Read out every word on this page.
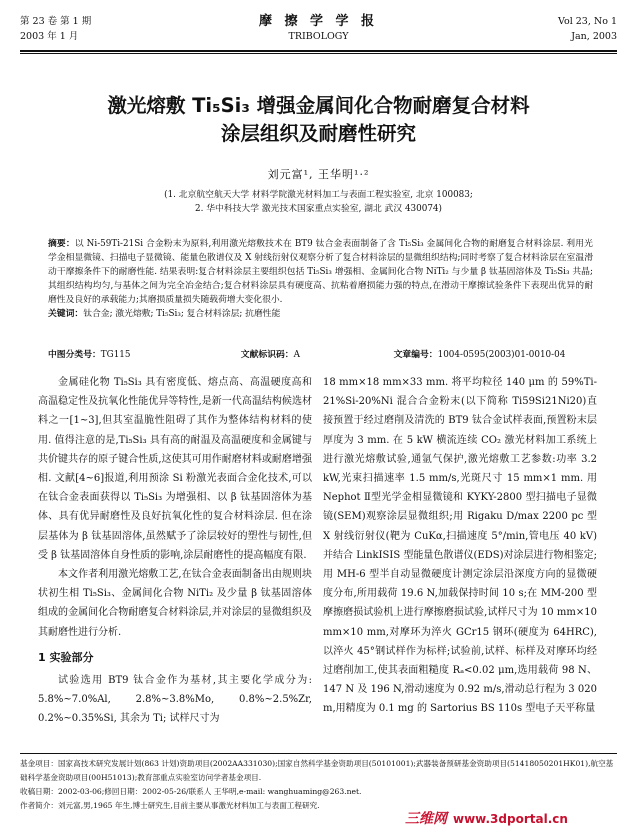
第 23 卷 第 1 期
2003 年 1 月
摩 擦 学 学 报
TRIBOLOGY
Vol 23, No 1
Jan, 2003
激光熔敷 Ti₅Si₃ 增强金属间化合物耐磨复合材料
涂层组织及耐磨性研究
刘元富¹, 王华明¹·²
(1. 北京航空航天大学 材料学院激光材料加工与表面工程实验室, 北京 100083;
2. 华中科技大学 激光技术国家重点实验室, 湖北 武汉 430074)
摘要：以 Ni-59Ti-21Si 合金粉末为原料,利用激光熔敷技术在 BT9 钛合金表面制备了含 Ti₅Si₃ 金属间化合物的耐磨复合材料涂层. 利用光学金相显微镜、扫描电子显微镜、能量色散谱仪及 X 射线衍射仪观察分析了复合材料涂层的显微组织结构;同时考察了复合材料涂层在室温滑动干摩擦条件下的耐磨性能. 结果表明:复合材料涂层主要组织包括 Ti₅Si₃ 增强相、金属间化合物 NiTi₂ 与少量 β 钛基固溶体及 Ti₅Si₃ 共晶;其组织结构均匀,与基体之间为完全冶金结合;复合材料涂层具有硬度高、抗粘着磨损能力强的特点,在滑动干摩擦试验条件下表现出优异的耐磨性及良好的承载能力;其磨损质量损失随载荷增大变化很小.
关键词：钛合金; 激光熔敷; Ti₅Si₃; 复合材料涂层; 抗磨性能
中图分类号：TG115	文献标识码：A	文章编号：1004-0595(2003)01-0010-04

金属硅化物 Ti₅Si₃ 具有密度低、熔点高、高温硬度高和高温稳定性及抗氧化性能优异等特性,是新一代高温结构候选材料之一[1~3],但其室温脆性阻碍了其作为整体结构材料的使用. 值得注意的是,Ti₅Si₃ 具有高的耐温及高温硬度和金属键与共价键共存的原子键合性质,这使其可用作耐磨材料或耐磨增强相. 文献[4~6]报道,利用预涂 Si 粉激光表面合金化技术,可以在钛合金表面获得以 Ti₅Si₃ 为增强相、以 β 钛基固溶体为基体、具有优异耐磨性及良好抗氧化性的复合材料涂层. 但在涂层基体为 β 钛基固溶体,虽然赋予了涂层较好的塑性与韧性,但受 β 钛基固溶体自身性质的影响,涂层耐磨性的提高幅度有限.

本文作者利用激光熔敷工艺,在钛合金表面制备出由规则块状初生相 Ti₅Si₃、金属间化合物 NiTi₂ 及少量 β 钛基固溶体组成的金属间化合物耐磨复合材料涂层,并对涂层的显微组织及其耐磨性进行分析.

1 实验部分

试验选用 BT9 钛合金作为基材,其主要化学成分为: 5.8%~7.0%Al, 2.8%~3.8%Mo, 0.8%~2.5%Zr, 0.2%~0.35%Si, 其余为 Ti; 试样尺寸为

18 mm×18 mm×33 mm. 将平均粒径 140 μm 的 59%Ti-21%Si-20%Ni 混合合金粉末(以下简称 Ti59Si21Ni20)直接预置于经过磨削及清洗的 BT9 钛合金试样表面,预置粉末层厚度为 3 mm. 在 5 kW 横流连续 CO₂ 激光材料加工系统上进行激光熔敷试验,通氩气保护,激光熔敷工艺参数:功率 3.2 kW,光束扫描速率 1.5 mm/s,光斑尺寸 15 mm×1 mm. 用 Nephot Ⅱ型光学金相显微镜和 KYKY-2800 型扫描电子显微镜(SEM)观察涂层显微组织;用 Rigaku D/max 2200 pc 型 X 射线衍射仪(靶为 CuKα,扫描速度 5°/min,管电压 40 kV)并结合 LinkISIS 型能量色散谱仪(EDS)对涂层进行物相鉴定;用 MH-6 型半自动显微硬度计测定涂层沿深度方向的显微硬度分布,所用载荷 19.6 N,加载保持时间 10 s;在 MM-200 型摩擦磨损试验机上进行摩擦磨损试验,试样尺寸为 10 mm×10 mm×10 mm,对摩环为淬火 GCr15 钢环(硬度为 64HRC),以淬火 45°钢试样作为标样;试验前,试样、标样及对摩环均经过磨削加工,使其表面粗糙度 Rₐ<0.02 μm,选用载荷 98 N、147 N 及 196 N,滑动速度为 0.92 m/s,滑动总行程为 3 020 m,用精度为 0.1 mg 的 Sartorius BS 110s 型电子天平称量

基金项目：国家高技术研究发展计划(863 计划)资助项目(2002AA331030);国家自然科学基金资助项目(50101001);武器装备预研基金资助项目(51418050201HK01),航空基础科学基金资助项目(00H51013);教育部重点实验室访问学者基金项目.
收稿日期：2002-03-06;修回日期：2002-05-26/联系人 王华明,e-mail: wanghuaming@263.net.
作者简介：刘元富,男,1965 年生,博士研究生,目前主要从事激光材料加工与表面工程研究.
三维网 www.3dportal.cn
